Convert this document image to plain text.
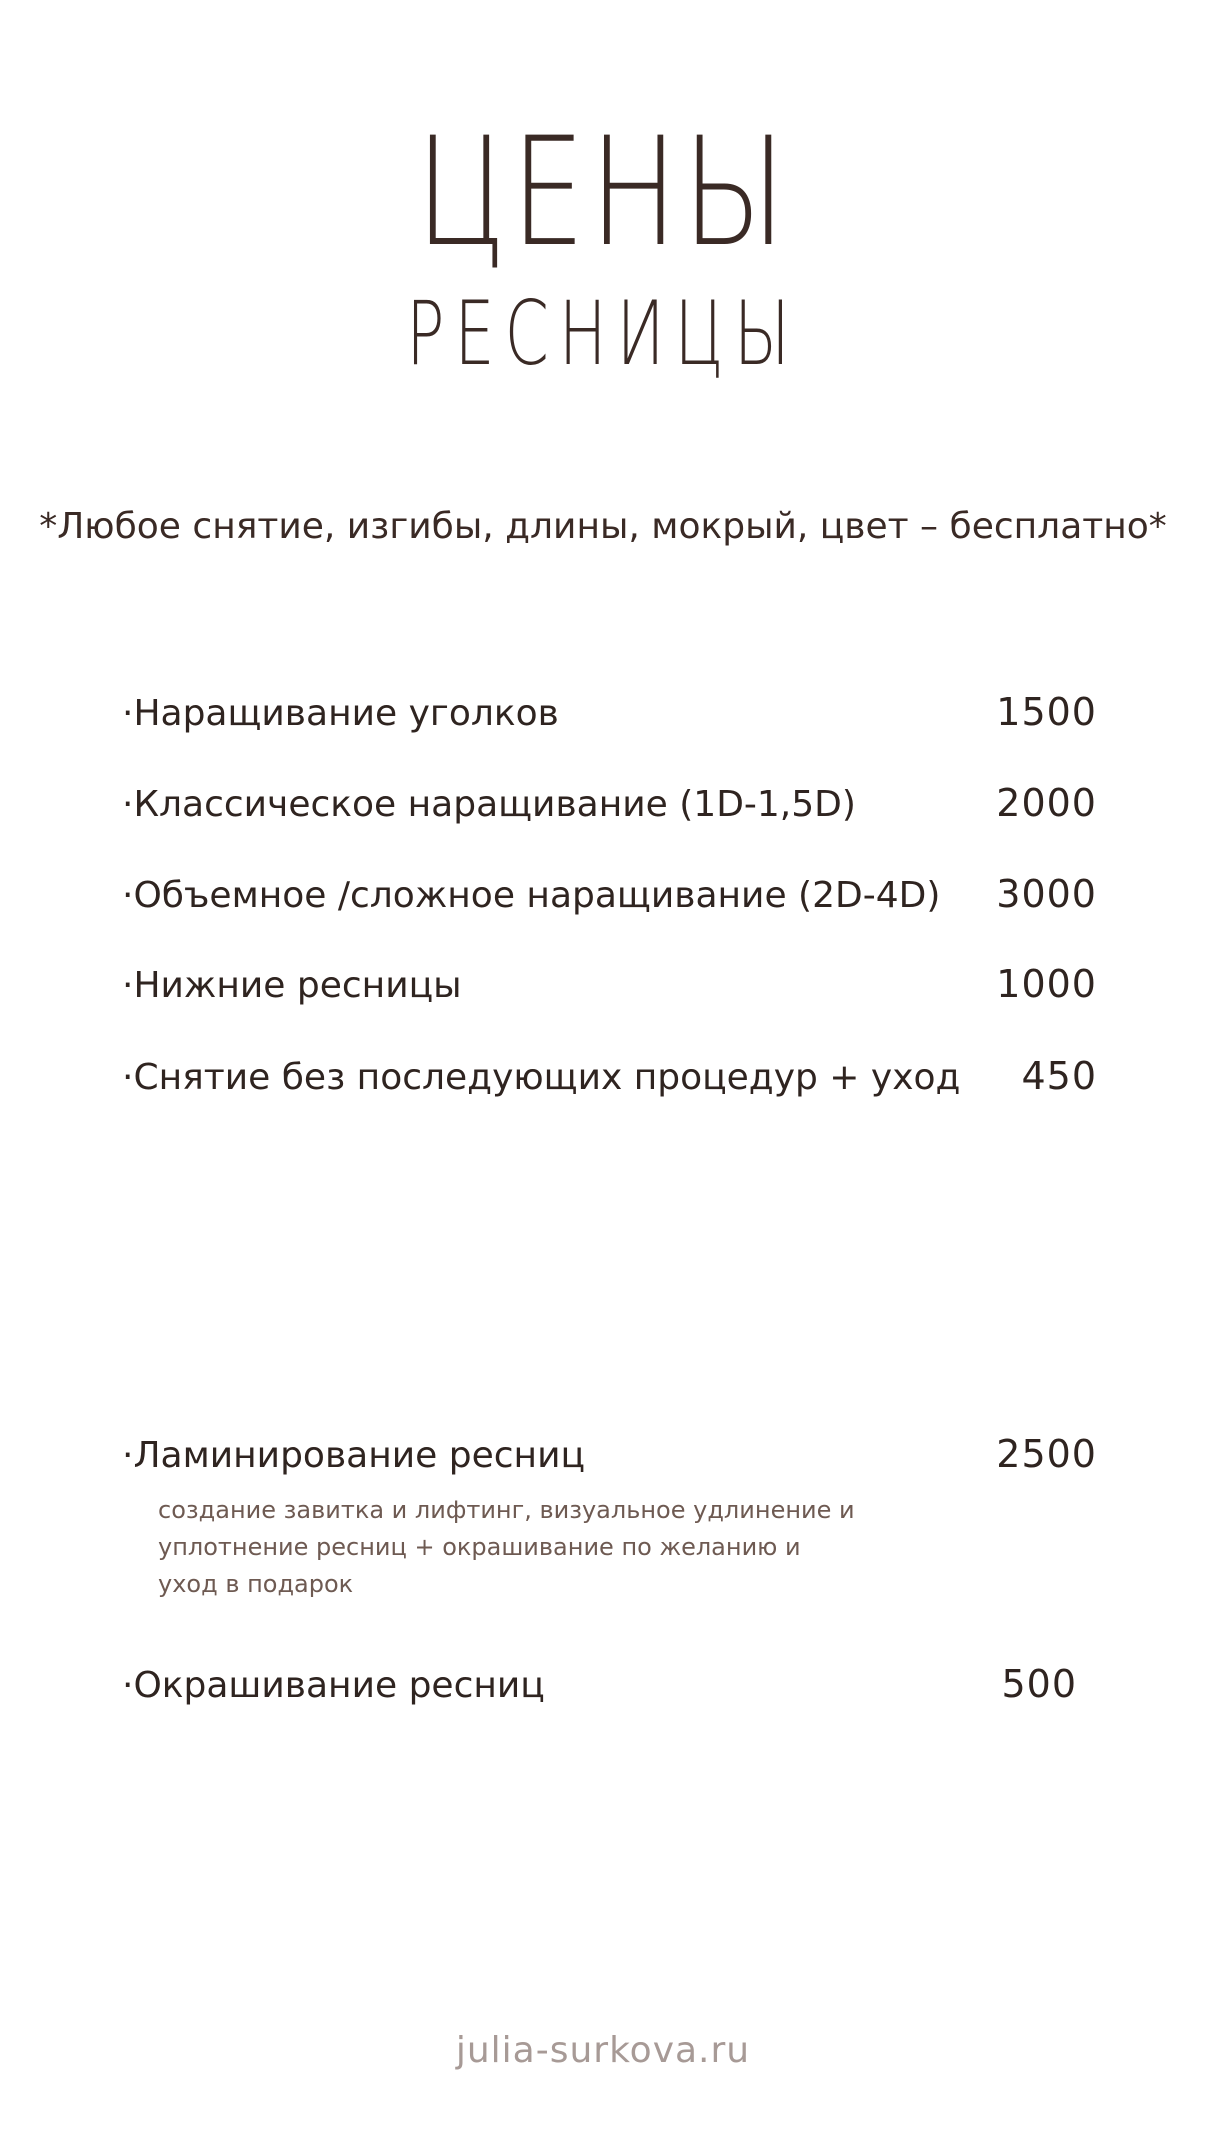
ЦЕНЫ
РЕСНИЦЫ
*Любое снятие, изгибы, длины, мокрый, цвет – бесплатно*
·Наращивание уголков	1500
·Классическое наращивание (1D-1,5D)	2000
·Объемное /сложное наращивание (2D-4D) 3000
·Нижние ресницы	1000
·Снятие без последующих процедур + уход 450
·Ламинирование ресниц	2500
создание завитка и лифтинг, визуальное удлинение и
уплотнение ресниц + окрашивание по желанию и
уход в подарок
·Окрашивание ресниц	500
julia-surkova.ru
